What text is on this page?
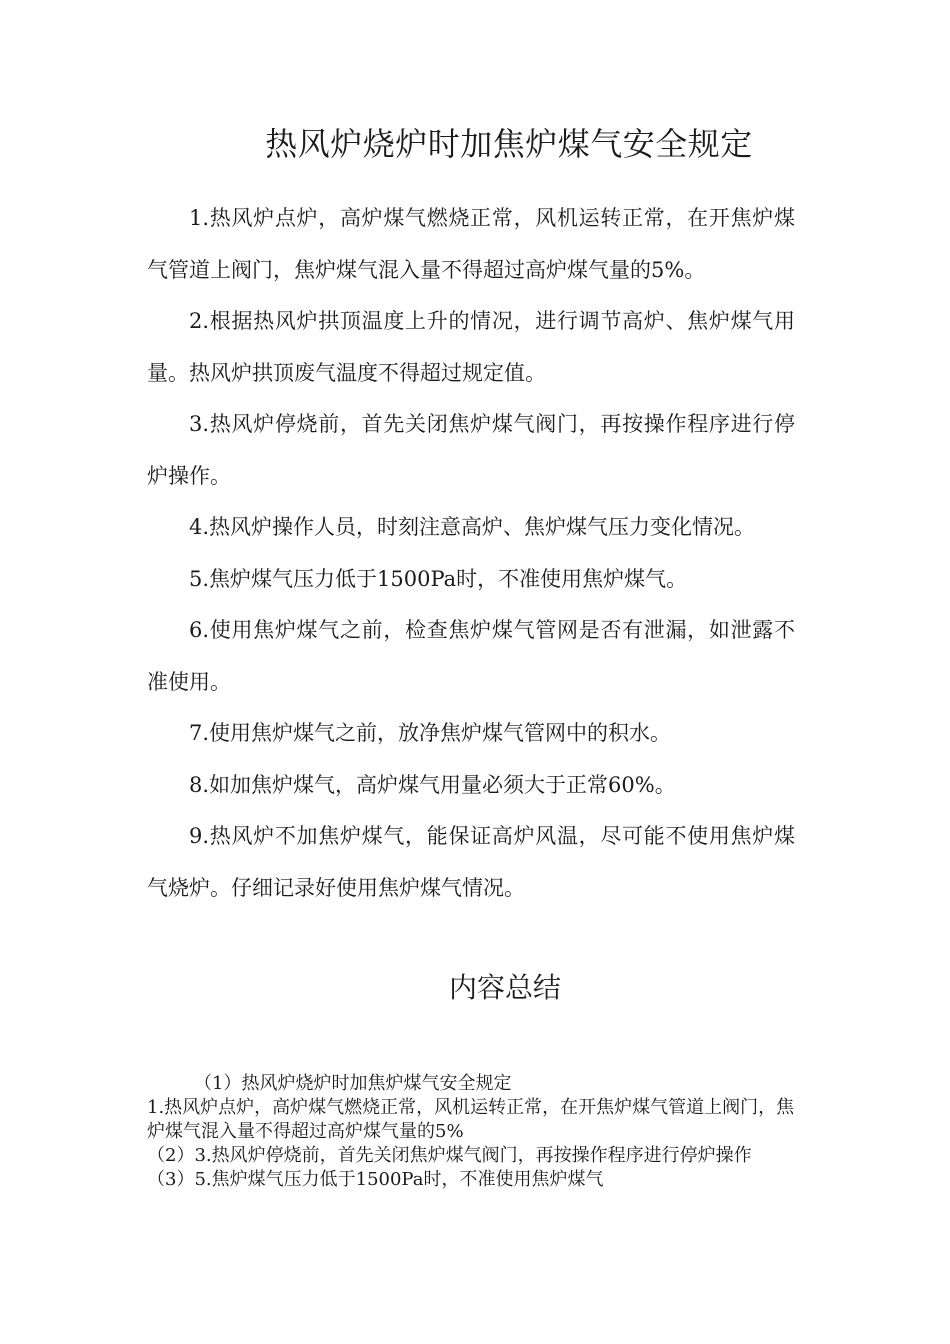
热风炉烧炉时加焦炉煤气安全规定

1.热风炉点炉，高炉煤气燃烧正常，风机运转正常，在开焦炉煤气管道上阀门，焦炉煤气混入量不得超过高炉煤气量的5%。

2.根据热风炉拱顶温度上升的情况，进行调节高炉、焦炉煤气用量。热风炉拱顶废气温度不得超过规定值。

3.热风炉停烧前，首先关闭焦炉煤气阀门，再按操作程序进行停炉操作。

4.热风炉操作人员，时刻注意高炉、焦炉煤气压力变化情况。

5.焦炉煤气压力低于1500Pa时，不准使用焦炉煤气。

6.使用焦炉煤气之前，检查焦炉煤气管网是否有泄漏，如泄露不准使用。

7.使用焦炉煤气之前，放净焦炉煤气管网中的积水。

8.如加焦炉煤气，高炉煤气用量必须大于正常60%。

9.热风炉不加焦炉煤气，能保证高炉风温，尽可能不使用焦炉煤气烧炉。仔细记录好使用焦炉煤气情况。

内容总结

（1）热风炉烧炉时加焦炉煤气安全规定

1.热风炉点炉，高炉煤气燃烧正常，风机运转正常，在开焦炉煤气管道上阀门，焦炉煤气混入量不得超过高炉煤气量的5%

（2）3.热风炉停烧前，首先关闭焦炉煤气阀门，再按操作程序进行停炉操作

（3）5.焦炉煤气压力低于1500Pa时，不准使用焦炉煤气
